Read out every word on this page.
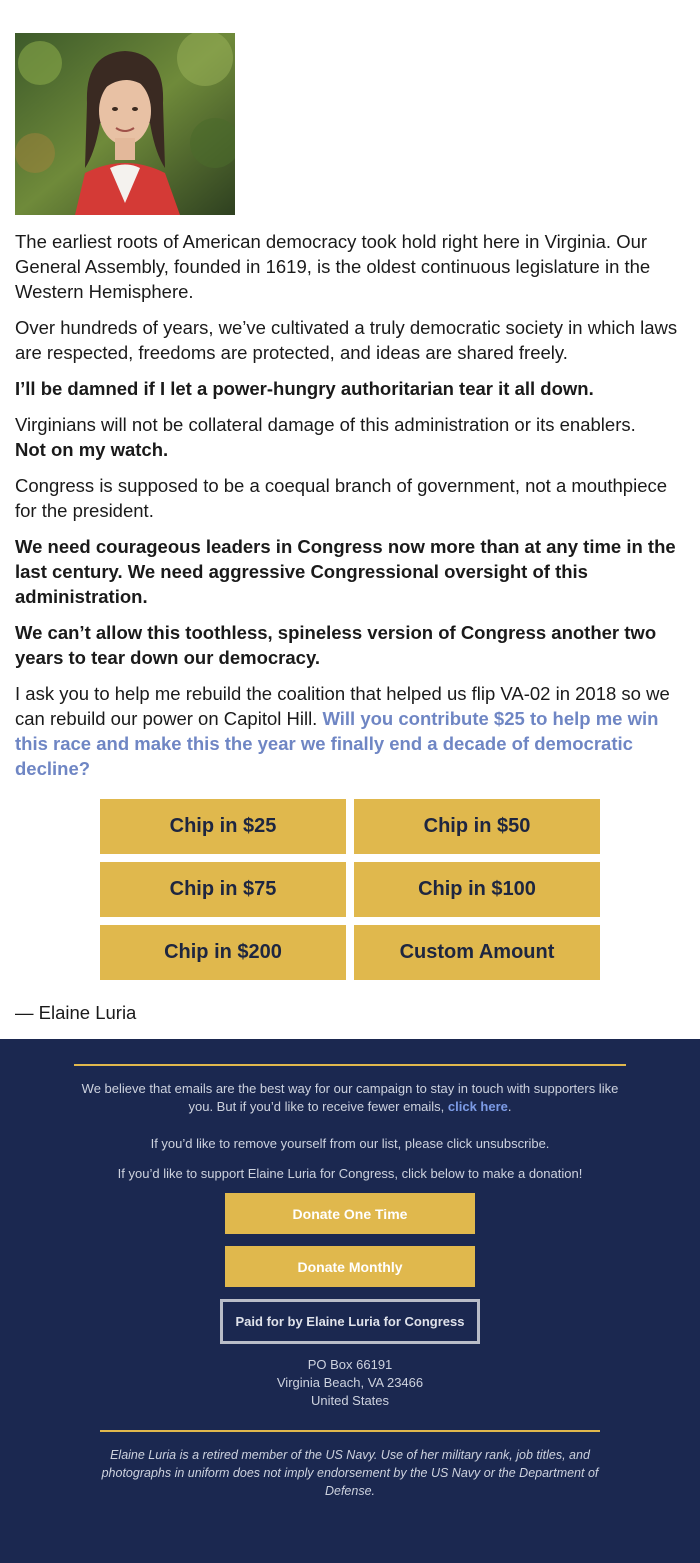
The earliest roots of American democracy took hold right here in Virginia. Our General Assembly, founded in 1619, is the oldest continuous legislature in the Western Hemisphere.

Over hundreds of years, we’ve cultivated a truly democratic society in which laws are respected, freedoms are protected, and ideas are shared freely.

I’ll be damned if I let a power-hungry authoritarian tear it all down.

Virginians will not be collateral damage of this administration or its enablers.
Not on my watch.

Congress is supposed to be a coequal branch of government, not a mouthpiece for the president.

We need courageous leaders in Congress now more than at any time in the last century. We need aggressive Congressional oversight of this administration.

We can’t allow this toothless, spineless version of Congress another two years to tear down our democracy.

I ask you to help me rebuild the coalition that helped us flip VA-02 in 2018 so we can rebuild our power on Capitol Hill. Will you contribute $25 to help me win this race and make this the year we finally end a decade of democratic decline?

Chip in $25	Chip in $50
Chip in $75	Chip in $100
Chip in $200	Custom Amount
— Elaine Luria

We believe that emails are the best way for our campaign to stay in touch with supporters like you. But if you’d like to receive fewer emails, click here.

If you’d like to remove yourself from our list, please click unsubscribe.

If you’d like to support Elaine Luria for Congress, click below to make a donation!

Donate One Time
Donate Monthly
Paid for by Elaine Luria for Congress
PO Box 66191
Virginia Beach, VA 23466
United States

Elaine Luria is a retired member of the US Navy. Use of her military rank, job titles, and photographs in uniform does not imply endorsement by the US Navy or the Department of Defense.
